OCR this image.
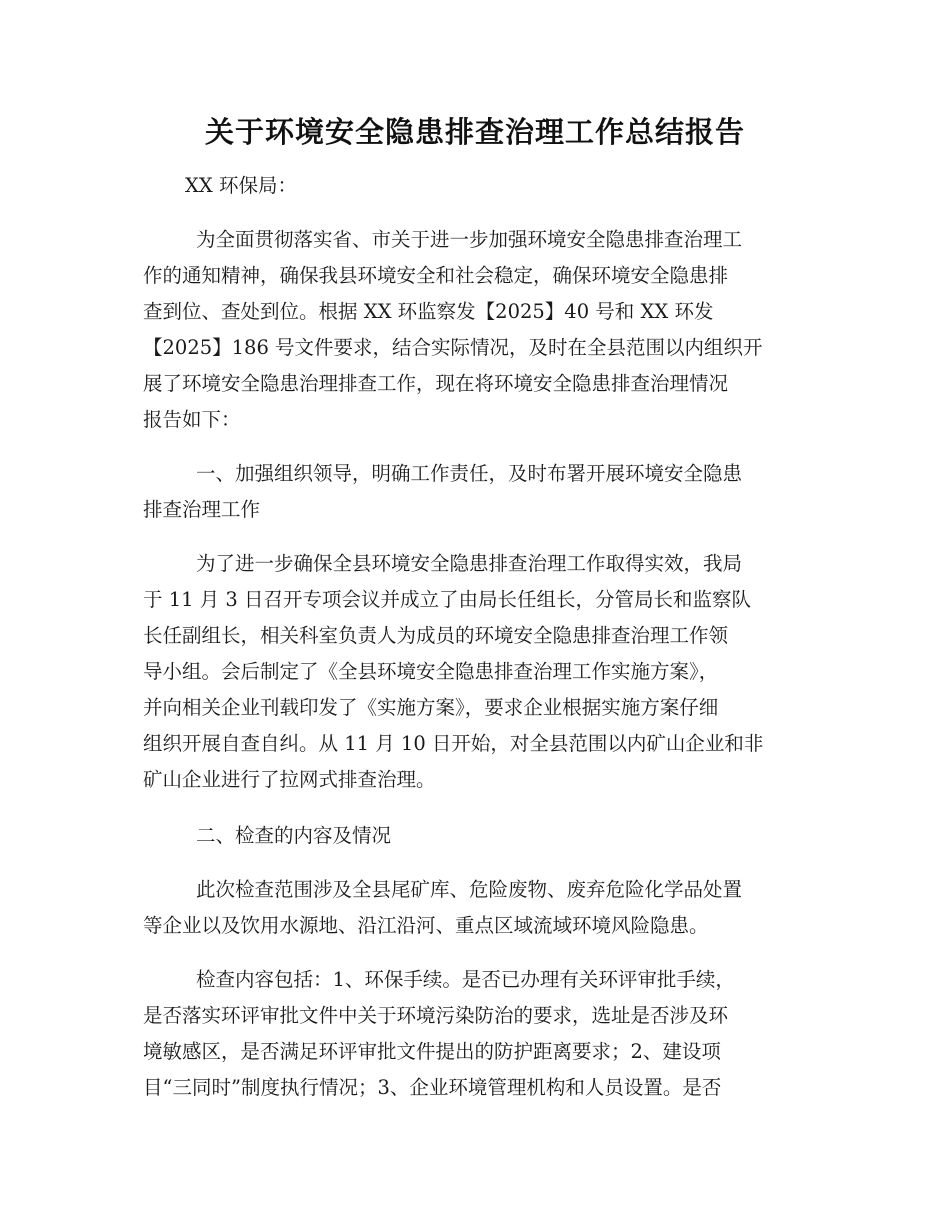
关于环境安全隐患排查治理工作总结报告
XX 环保局：
为全面贯彻落实省、市关于进一步加强环境安全隐患排查治理工
作的通知精神，确保我县环境安全和社会稳定，确保环境安全隐患排
查到位、查处到位。根据 XX 环监察发【2025】40 号和 XX 环发
【2025】186 号文件要求，结合实际情况，及时在全县范围以内组织开
展了环境安全隐患治理排查工作，现在将环境安全隐患排查治理情况
报告如下：
一、加强组织领导，明确工作责任，及时布署开展环境安全隐患
排查治理工作
为了进一步确保全县环境安全隐患排查治理工作取得实效，我局
于 11 月 3 日召开专项会议并成立了由局长任组长，分管局长和监察队
长任副组长，相关科室负责人为成员的环境安全隐患排查治理工作领
导小组。会后制定了《全县环境安全隐患排查治理工作实施方案》，
并向相关企业刊载印发了《实施方案》，要求企业根据实施方案仔细
组织开展自查自纠。从 11 月 10 日开始，对全县范围以内矿山企业和非
矿山企业进行了拉网式排查治理。
二、检查的内容及情况
此次检查范围涉及全县尾矿库、危险废物、废弃危险化学品处置
等企业以及饮用水源地、沿江沿河、重点区域流域环境风险隐患。
检查内容包括：1、环保手续。是否已办理有关环评审批手续，
是否落实环评审批文件中关于环境污染防治的要求，选址是否涉及环
境敏感区，是否满足环评审批文件提出的防护距离要求；2、建设项
目“三同时”制度执行情况；3、企业环境管理机构和人员设置。是否
